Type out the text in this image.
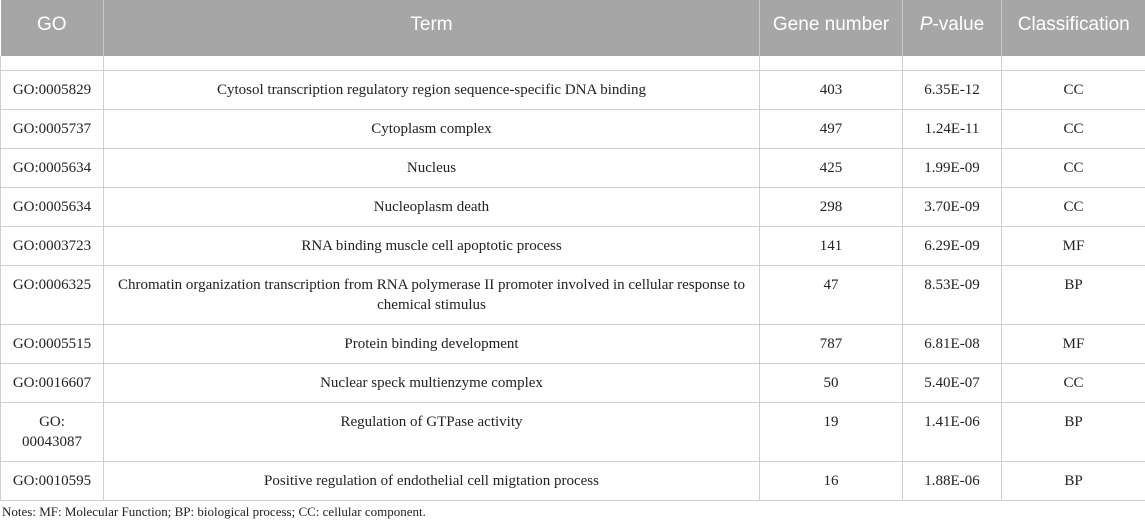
GO	Term	Gene number	P-value	Classification

GO:0005829	Cytosol transcription regulatory region sequence-specific DNA binding	403	6.35E-12	CC
GO:0005737	Cytoplasm complex	497	1.24E-11	CC
GO:0005634	Nucleus	425	1.99E-09	CC
GO:0005634	Nucleoplasm death	298	3.70E-09	CC
GO:0003723	RNA binding muscle cell apoptotic process	141	6.29E-09	MF
GO:0006325	Chromatin organization transcription from RNA polymerase II promoter involved in cellular response to chemical stimulus	47	8.53E-09	BP
GO:0005515	Protein binding development	787	6.81E-08	MF
GO:0016607	Nuclear speck multienzyme complex	50	5.40E-07	CC
GO: 00043087	Regulation of GTPase activity	19	1.41E-06	BP
GO:0010595	Positive regulation of endothelial cell migtation process	16	1.88E-06	BP
Notes: MF: Molecular Function; BP: biological process; CC: cellular component.
